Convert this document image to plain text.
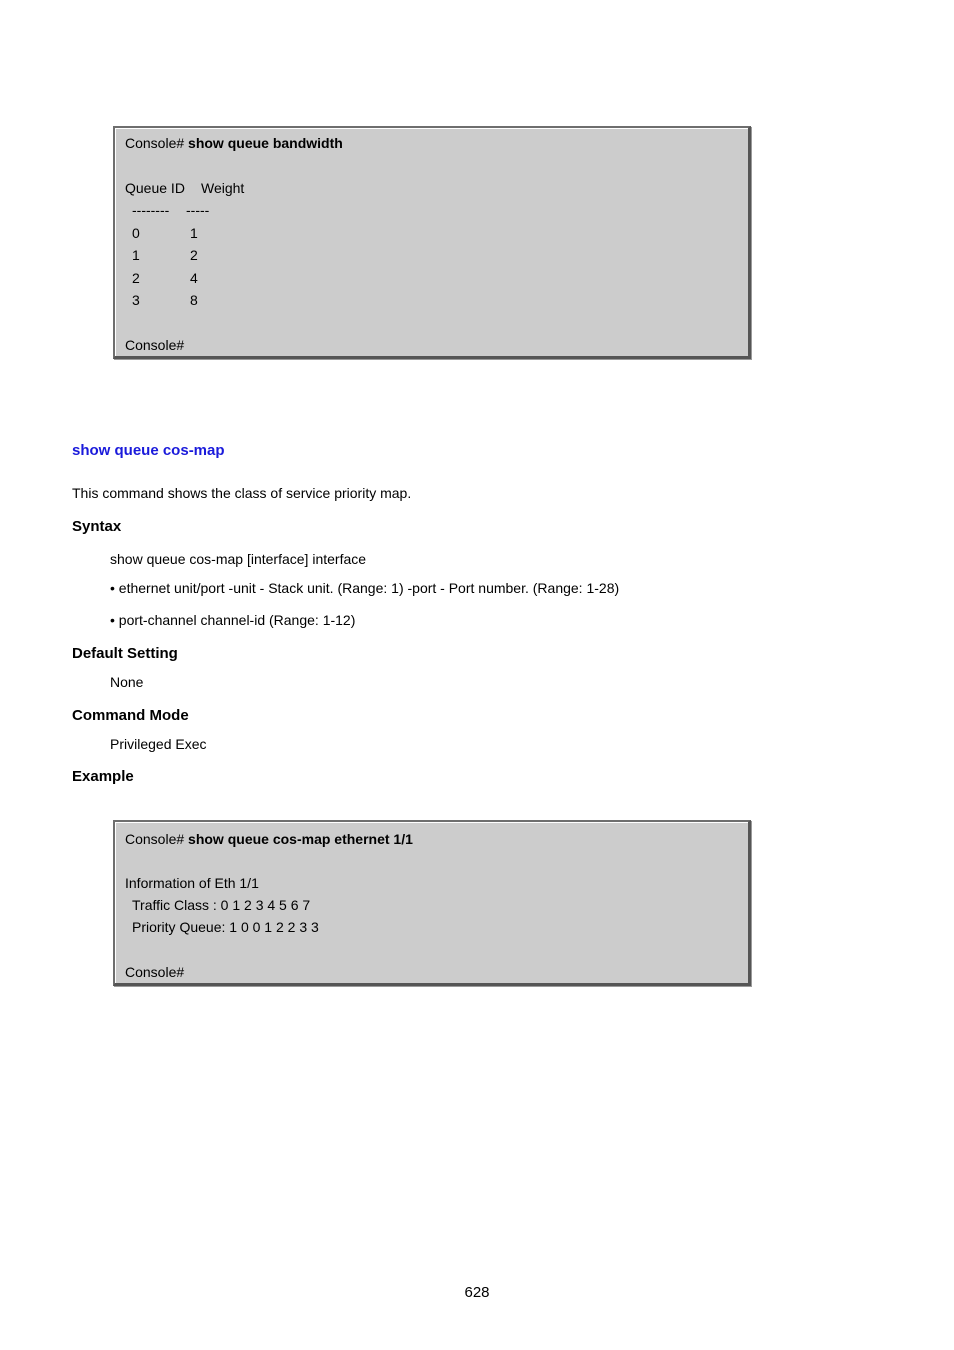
Console# show queue bandwidth
Queue ID Weight
-------- -----
0	1
1	2
2	4
3	8
Console#
show queue cos-map
This command shows the class of service priority map.
Syntax
show queue cos-map [interface] interface
• ethernet unit/port -unit - Stack unit. (Range: 1) -port - Port number. (Range: 1-28)
• port-channel channel-id (Range: 1-12)
Default Setting
None
Command Mode
Privileged Exec
Example
Console# show queue cos-map ethernet 1/1
Information of Eth 1/1
Traffic Class : 0 1 2 3 4 5 6 7
Priority Queue: 1 0 0 1 2 2 3 3
Console#
628
